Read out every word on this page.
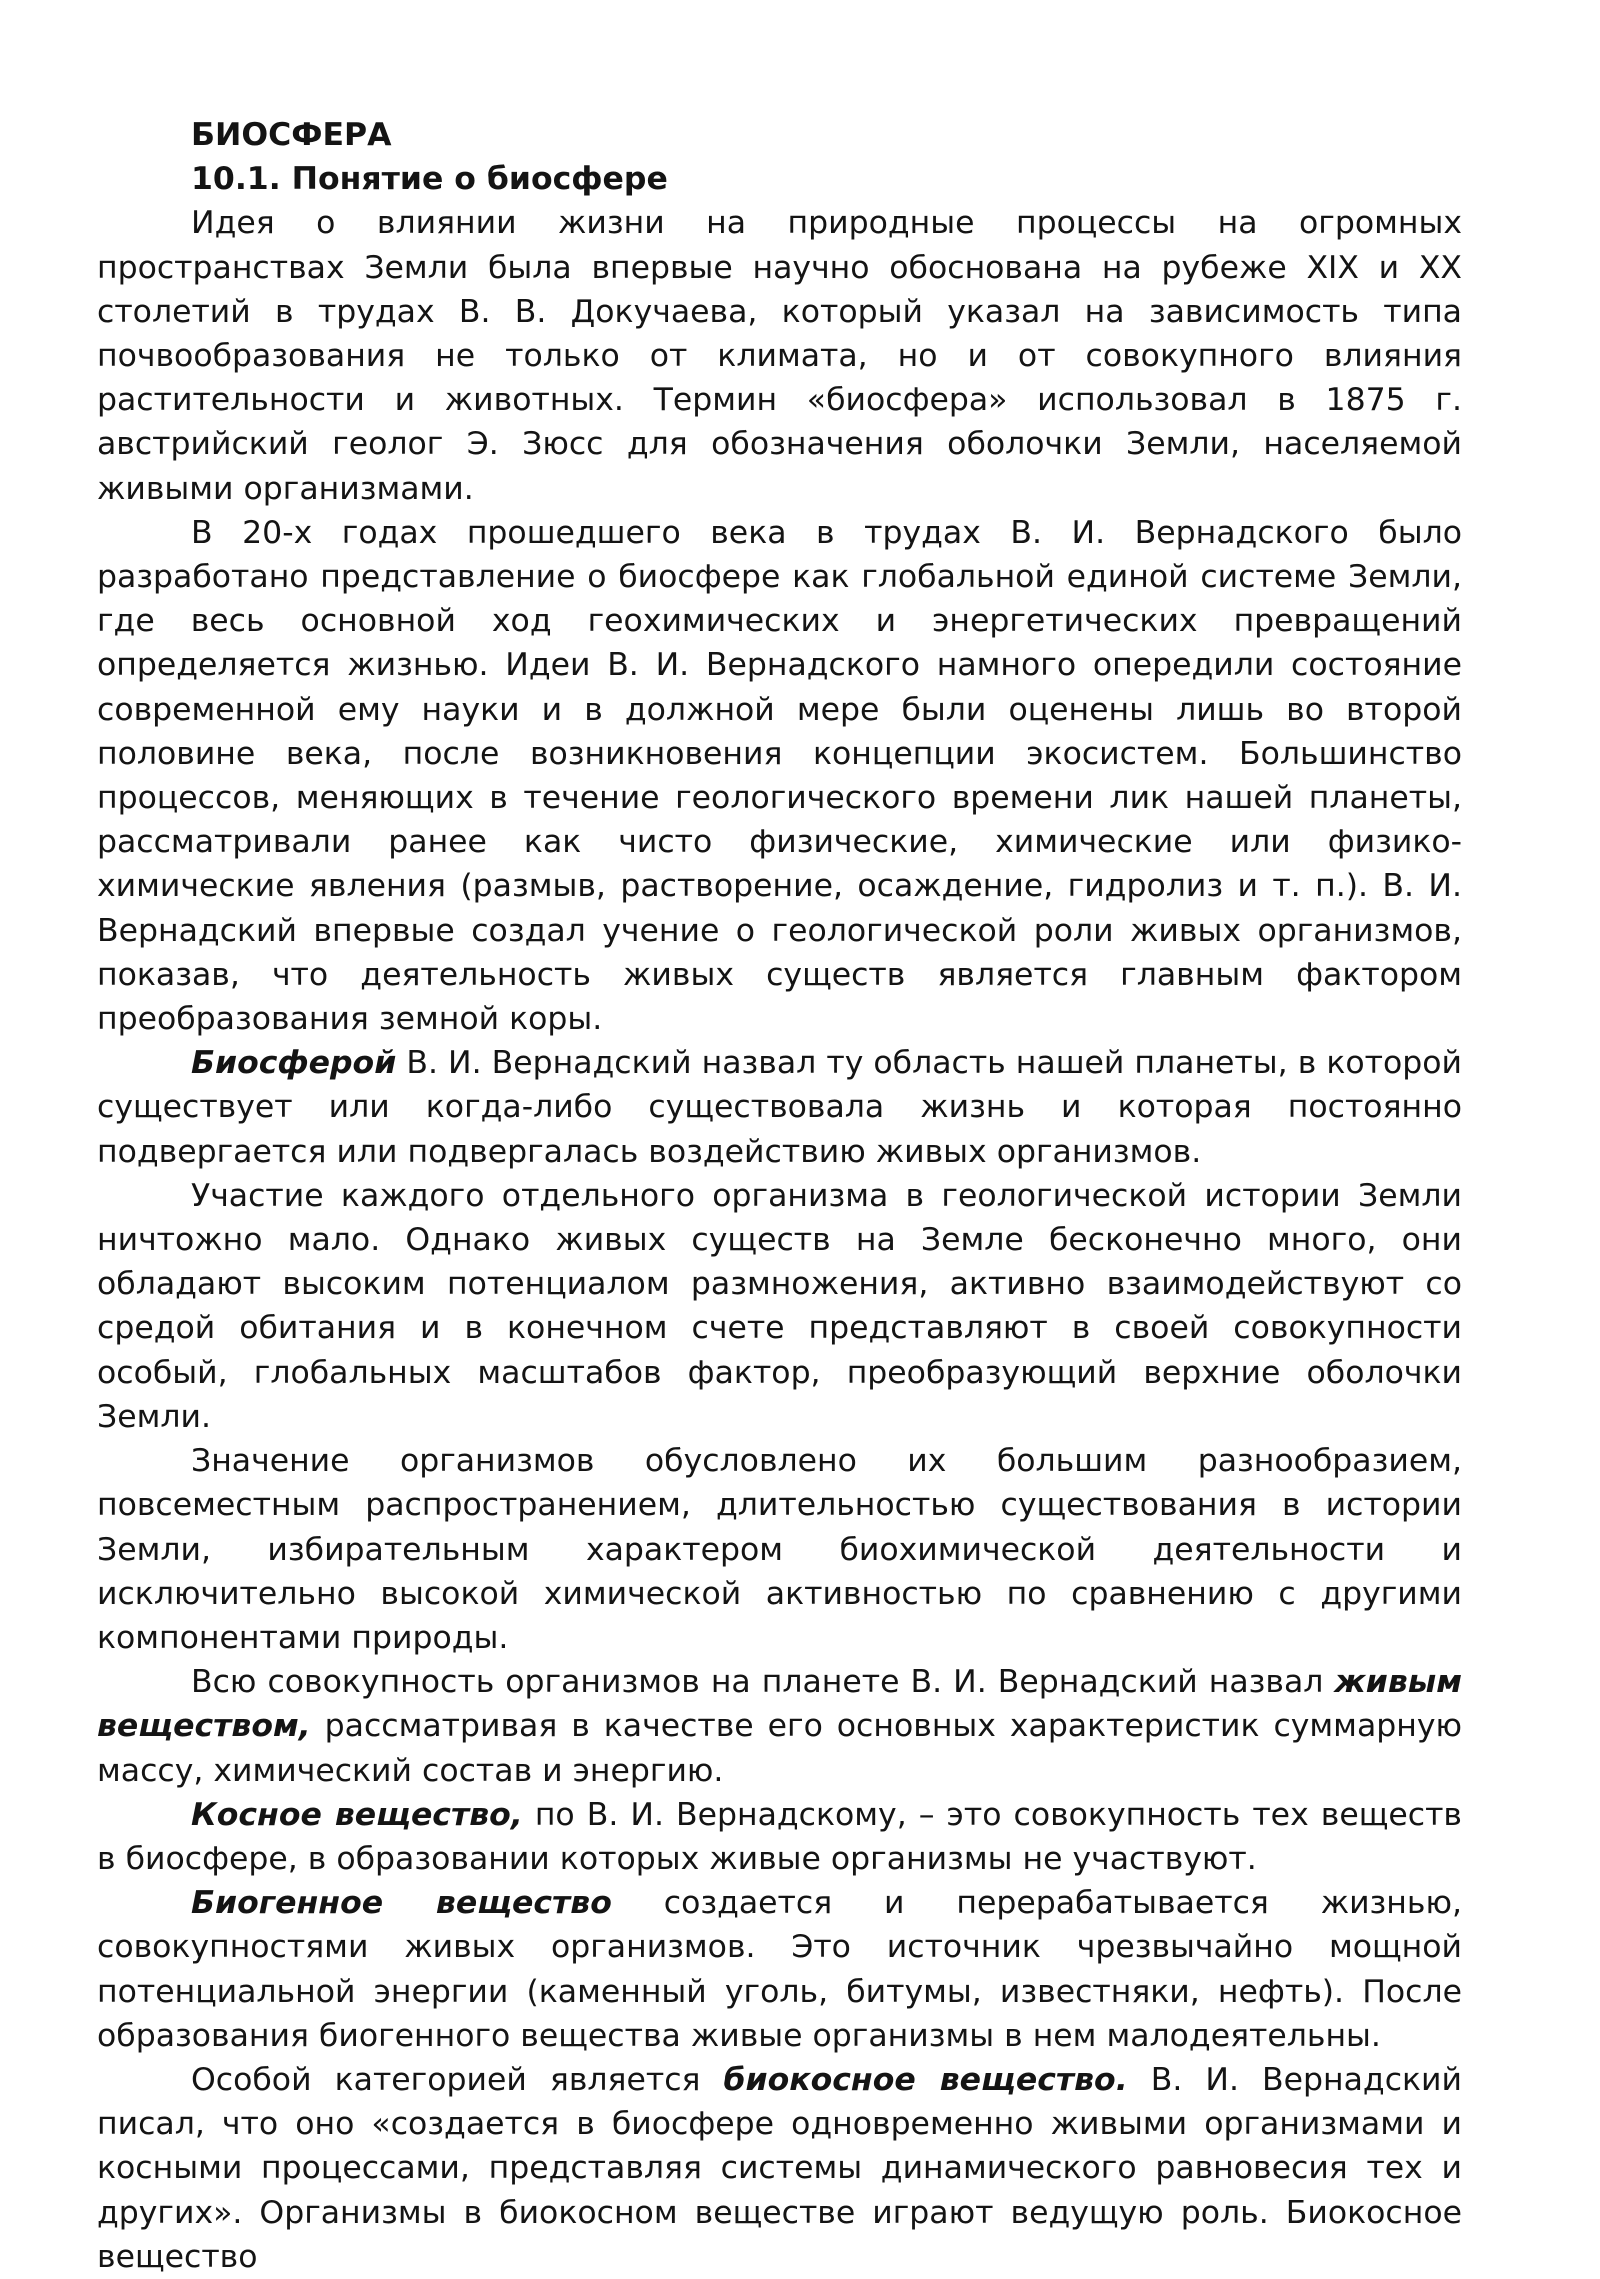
БИОСФЕРА

10.1. Понятие о биосфере

Идея о влиянии жизни на природные процессы на огромных пространствах Земли была впервые научно обоснована на рубеже XIX и XX столетий в трудах В. В. Докучаева, который указал на зависимость типа почвообразования не только от климата, но и от совокупного влияния растительности и животных. Термин «биосфера» использовал в 1875 г. австрийский геолог Э. Зюсс для обозначения оболочки Земли, населяемой живыми организмами.

В 20-х годах прошедшего века в трудах В. И. Вернадского было разработано представление о биосфере как глобальной единой системе Земли, где весь основной ход геохимических и энергетических превращений определяется жизнью. Идеи В. И. Вернадского намного опередили состояние современной ему науки и в должной мере были оценены лишь во второй половине века, после возникновения концепции экосистем. Большинство процессов, меняющих в течение геологического времени лик нашей планеты, рассматривали ранее как чисто физические, химические или физико-химические явления (размыв, растворение, осаждение, гидролиз и т. п.). В. И. Вернадский впервые создал учение о геологической роли живых организмов, показав, что деятельность живых существ является главным фактором преобразования земной коры.

Биосферой В. И. Вернадский назвал ту область нашей планеты, в которой существует или когда-либо существовала жизнь и которая постоянно подвергается или подвергалась воздействию живых организмов.

Участие каждого отдельного организма в геологической истории Земли ничтожно мало. Однако живых существ на Земле бесконечно много, они обладают высоким потенциалом размножения, активно взаимодействуют со средой обитания и в конечном счете представляют в своей совокупности особый, глобальных масштабов фактор, преобразующий верхние оболочки Земли.

Значение организмов обусловлено их большим разнообразием, повсеместным распространением, длительностью существования в истории Земли, избирательным характером биохимической деятельности и исключительно высокой химической активностью по сравнению с другими компонентами природы.

Всю совокупность организмов на планете В. И. Вернадский назвал живым веществом, рассматривая в качестве его основных характеристик суммарную массу, химический состав и энергию.

Косное вещество, по В. И. Вернадскому, – это совокупность тех веществ в биосфере, в образовании которых живые организмы не участвуют.

Биогенное вещество создается и перерабатывается жизнью, совокупностями живых организмов. Это источник чрезвычайно мощной потенциальной энергии (каменный уголь, битумы, известняки, нефть). После образования биогенного вещества живые организмы в нем малодеятельны.

Особой категорией является биокосное вещество. В. И. Вернадский писал, что оно «создается в биосфере одновременно живыми организмами и косными процессами, представляя системы динамического равновесия тех и других». Организмы в биокосном веществе играют ведущую роль. Биокосное вещество
